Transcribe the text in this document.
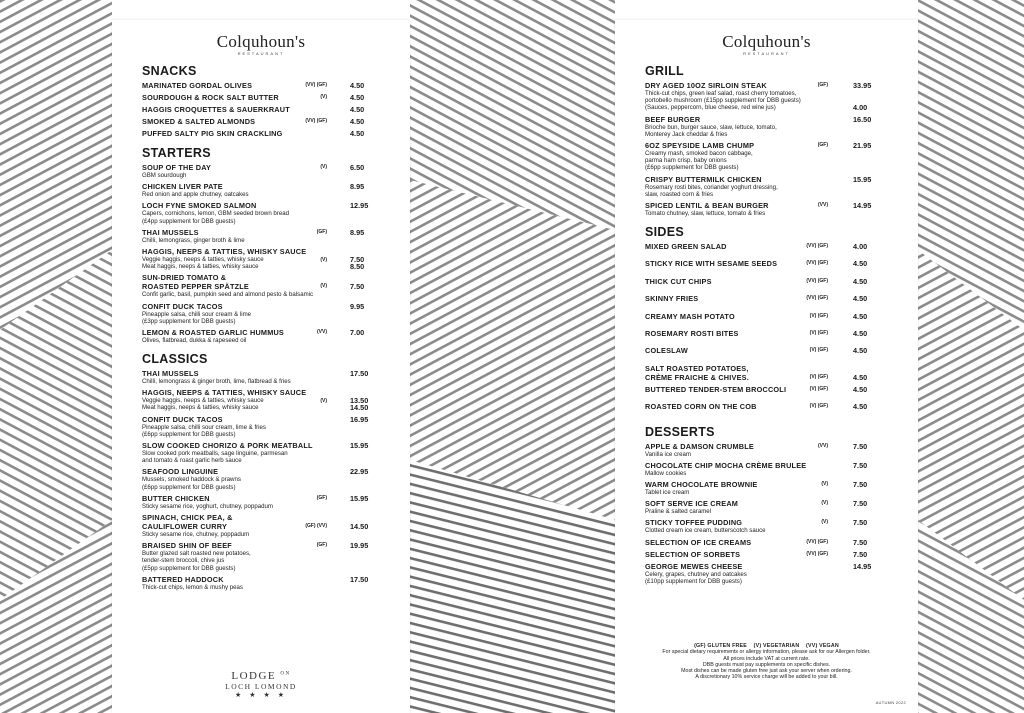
Colquhoun's
RESTAURANT
SNACKS
MARINATED GORDAL OLIVES	(VV) (GF)	4.50
SOURDOUGH & ROCK SALT BUTTER	(V)	4.50
HAGGIS CROQUETTES & SAUERKRAUT	4.50
SMOKED & SALTED ALMONDS	(VV) (GF)	4.50
PUFFED SALTY PIG SKIN CRACKLING	4.50
STARTERS
SOUP OF THE DAY	(V)	6.50
GBM sourdough
CHICKEN LIVER PATE	8.95
Red onion and apple chutney, oatcakes
LOCH FYNE SMOKED SALMON	12.95
Capers, cornichons, lemon, GBM seeded brown bread
(£4pp supplement for DBB guests)
THAI MUSSELS	(GF)	8.95
Chilli, lemongrass, ginger broth & lime
HAGGIS, NEEPS & TATTIES, WHISKY SAUCE
Veggie haggis, neeps & tatties, whisky sauce	(V)	7.50
Meat haggis, neeps & tatties, whisky sauce	8.50
SUN-DRIED TOMATO &
ROASTED PEPPER SPÄTZLE	(V)	7.50
Confit garlic, basil, pumpkin seed and almond pesto & balsamic
CONFIT DUCK TACOS	9.95
Pineapple salsa, chilli sour cream & lime
(£3pp supplement for DBB guests)
LEMON & ROASTED GARLIC HUMMUS	(VV)	7.00
Olives, flatbread, dukka & rapeseed oil
CLASSICS
THAI MUSSELS	17.50
Chilli, lemongrass & ginger broth, lime, flatbread & fries
HAGGIS, NEEPS & TATTIES, WHISKY SAUCE
Veggie haggis, neeps & tatties, whisky sauce	(V)	13.50
Meat haggis, neeps & tatties, whisky sauce	14.50
CONFIT DUCK TACOS	16.95
Pineapple salsa, chilli sour cream, lime & fries
(£6pp supplement for DBB guests)
SLOW COOKED CHORIZO & PORK MEATBALL	15.95
Slow cooked pork meatballs, sage linguine, parmesan
and tomato & roast garlic herb sauce
SEAFOOD LINGUINE	22.95
Mussels, smoked haddock & prawns
(£6pp supplement for DBB guests)
BUTTER CHICKEN	(GF)	15.95
Sticky sesame rice, yoghurt, chutney, poppadum
SPINACH, CHICK PEA, &
CAULIFLOWER CURRY	(GF) (VV)	14.50
Sticky sesame rice, chutney, poppadum
BRAISED SHIN OF BEEF	(GF)	19.95
Butter glazed salt roasted new potatoes,
tender-stem broccoli, chive jus
(£5pp supplement for DBB guests)
BATTERED HADDOCK	17.50
Thick-cut chips, lemon & mushy peas
LODGE $^{ON}$
LOCH LOMOND
★ ★ ★ ★
Colquhoun's
RESTAURANT
GRILL
DRY AGED 10OZ SIRLOIN STEAK	(GF)	33.95
Thick-cut chips, green leaf salad, roast cherry tomatoes,
portobello mushroom (£15pp supplement for DBB guests)
(Sauces, peppercorn, blue cheese, red wine jus)	4.00
BEEF BURGER	16.50
Brioche bun, burger sauce, slaw, lettuce, tomato,
Monterey Jack cheddar & fries
6OZ SPEYSIDE LAMB CHUMP	(GF)	21.95
Creamy mash, smoked bacon cabbage,
parma ham crisp, baby onions
(£6pp supplement for DBB guests)
CRISPY BUTTERMILK CHICKEN	15.95
Rosemary rosti bites, coriander yoghurt dressing,
slaw, roasted corn & fries
SPICED LENTIL & BEAN BURGER	(VV)	14.95
Tomato chutney, slaw, lettuce, tomato & fries
SIDES
MIXED GREEN SALAD	(VV) (GF)	4.00
STICKY RICE WITH SESAME SEEDS	(VV) (GF)	4.50
THICK CUT CHIPS	(VV) (GF)	4.50
SKINNY FRIES	(VV) (GF)	4.50
CREAMY MASH POTATO	(V) (GF)	4.50
ROSEMARY ROSTI BITES	(V) (GF)	4.50
COLESLAW	(V) (GF)	4.50
SALT ROASTED POTATOES,
CRÈME FRAICHE & CHIVES.	(V) (GF)	4.50
BUTTERED TENDER-STEM BROCCOLI	(V) (GF)	4.50
ROASTED CORN ON THE COB	(V) (GF)	4.50
DESSERTS
APPLE & DAMSON CRUMBLE	(VV)	7.50
Vanilla ice cream
CHOCOLATE CHIP MOCHA CRÈME BRULEE	7.50
Mallow cookies
WARM CHOCOLATE BROWNIE	(V)	7.50
Tablet ice cream
SOFT SERVE ICE CREAM	(V)	7.50
Praline & salted caramel
STICKY TOFFEE PUDDING	(V)	7.50
Clotted cream ice cream, butterscotch sauce
SELECTION OF ICE CREAMS	(VV) (GF)	7.50
SELECTION OF SORBETS	(VV) (GF)	7.50
GEORGE MEWES CHEESE	14.95
Celery, grapes, chutney and oatcakes
(£10pp supplement for DBB guests)
(GF) GLUTEN FREE    (V) VEGETARIAN    (VV) VEGAN
For special dietary requirements or allergy information, please ask for our Allergen folder.
All prices include VAT at current rate.
DBB guests must pay supplements on specific dishes.
Most dishes can be made gluten free just ask your server when ordering.
A discretionary 10% service charge will be added to your bill.
AUTUMN 2022
